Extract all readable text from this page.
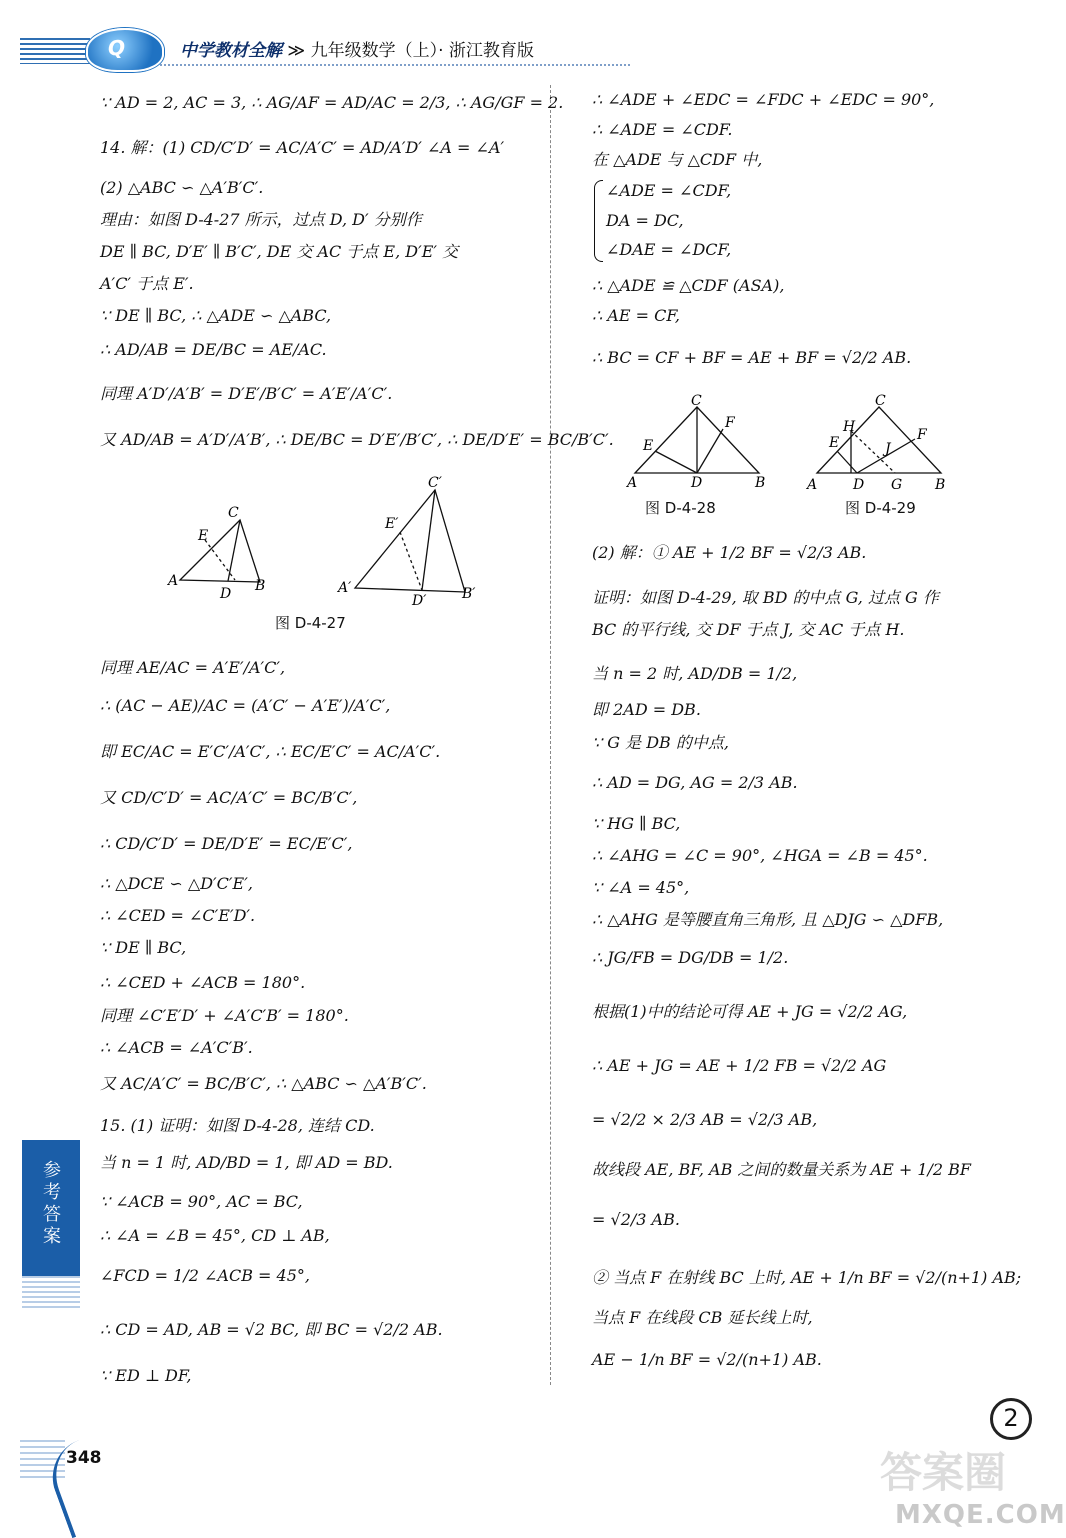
Q	中学教材全解 ≫ 九年级数学（上）· 浙江教育版
∵ AD = 2, AC = 3, ∴ AG/AF = AD/AC = 2/3, ∴ AG/GF = 2.
14. 解：(1) CD/C′D′ = AC/A′C′ = AD/A′D′ ∠A = ∠A′
(2) △ABC ∽ △A′B′C′.
理由：如图 D-4-27 所示，过点 D, D′ 分别作
DE ∥ BC, D′E′ ∥ B′C′, DE 交 AC 于点 E, D′E′ 交
A′C′ 于点 E′.
∵ DE ∥ BC, ∴ △ADE ∽ △ABC,
∴ AD/AB = DE/BC = AE/AC.
同理 A′D′/A′B′ = D′E′/B′C′ = A′E′/A′C′.
又 AD/AB = A′D′/A′B′, ∴ DE/BC = D′E′/B′C′, ∴ DE/D′E′ = BC/B′C′.
同理 AE/AC = A′E′/A′C′,
∴ (AC − AE)/AC = (A′C′ − A′E′)/A′C′,
即 EC/AC = E′C′/A′C′, ∴ EC/E′C′ = AC/A′C′.
又 CD/C′D′ = AC/A′C′ = BC/B′C′,
∴ CD/C′D′ = DE/D′E′ = EC/E′C′,
∴ △DCE ∽ △D′C′E′,
∴ ∠CED = ∠C′E′D′.
∵ DE ∥ BC,
∴ ∠CED + ∠ACB = 180°.
同理 ∠C′E′D′ + ∠A′C′B′ = 180°.
∴ ∠ACB = ∠A′C′B′.
又 AC/A′C′ = BC/B′C′, ∴ △ABC ∽ △A′B′C′.
15. (1) 证明：如图 D-4-28, 连结 CD.
当 n = 1 时, AD/BD = 1, 即 AD = BD.
∵ ∠ACB = 90°, AC = BC,
∴ ∠A = ∠B = 45°, CD ⊥ AB,
∠FCD = 1/2 ∠ACB = 45°,
∴ CD = AD, AB = √2 BC, 即 BC = √2/2 AB.
∵ ED ⊥ DF,
∴ ∠ADE + ∠EDC = ∠FDC + ∠EDC = 90°,
∴ ∠ADE = ∠CDF.
在 △ADE 与 △CDF 中,
∠ADE = ∠CDF,
DA = DC,
∠DAE = ∠DCF,
∴ △ADE ≌ △CDF (ASA),
∴ AE = CF,
∴ BC = CF + BF = AE + BF = √2/2 AB.
(2) 解：① AE + 1/2 BF = √2/3 AB.
证明：如图 D-4-29, 取 BD 的中点 G, 过点 G 作
BC 的平行线, 交 DF 于点 J, 交 AC 于点 H.
当 n = 2 时, AD/DB = 1/2,
即 2AD = DB.
∵ G 是 DB 的中点,
∴ AD = DG, AG = 2/3 AB.
∵ HG ∥ BC,
∴ ∠AHG = ∠C = 90°, ∠HGA = ∠B = 45°.
∵ ∠A = 45°,
∴ △AHG 是等腰直角三角形, 且 △DJG ∽ △DFB,
∴ JG/FB = DG/DB = 1/2.
根据(1)中的结论可得 AE + JG = √2/2 AG,
∴ AE + JG = AE + 1/2 FB = √2/2 AG
= √2/2 × 2/3 AB = √2/3 AB,
故线段 AE, BF, AB 之间的数量关系为 AE + 1/2 BF
= √2/3 AB.
② 当点 F 在射线 BC 上时, AE + 1/n BF = √2/(n+1) AB;
当点 F 在线段 CB 延长线上时,
AE − 1/n BF = √2/(n+1) AB.
A
C
E
D B	A′
C′
E′
D′	B′
图 D-4-27
A
C
E
F
D	B
图 D-4-28
A
C
H
E	F
J
D G B
图 D-4-29
参考答案
348
2
答案圈
MXQE.COM
